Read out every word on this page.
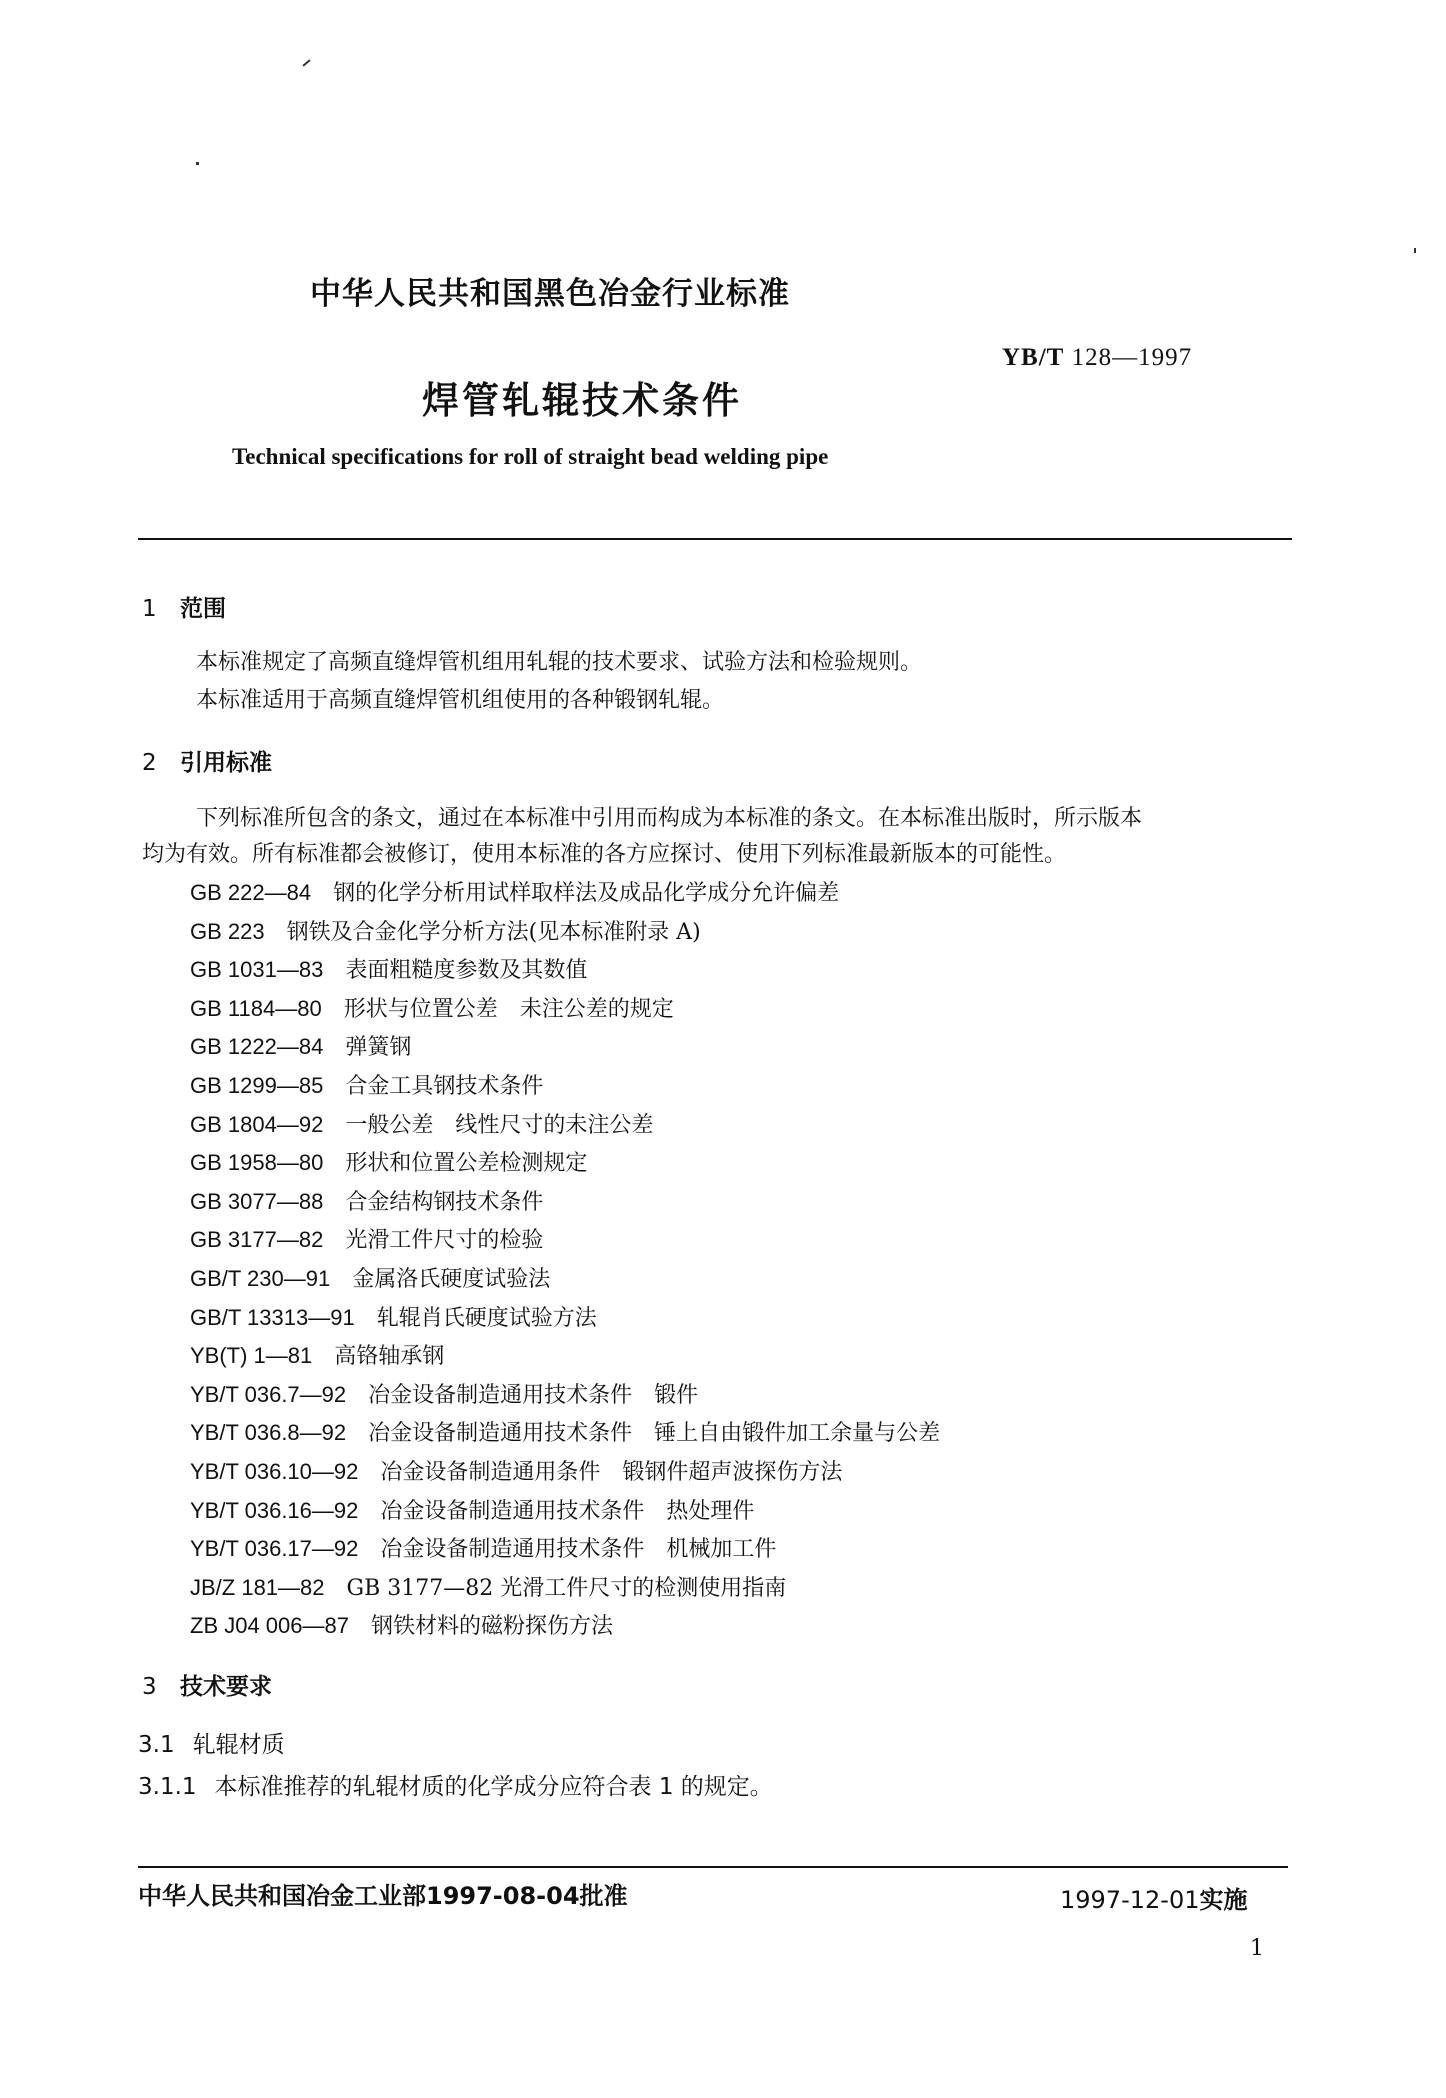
中华人民共和国黑色冶金行业标准
YB/T 128—1997
焊管轧辊技术条件
Technical specifications for roll of straight bead welding pipe
1 范围
本标准规定了高频直缝焊管机组用轧辊的技术要求、试验方法和检验规则。
本标准适用于高频直缝焊管机组使用的各种锻钢轧辊。
2 引用标准
下列标准所包含的条文，通过在本标准中引用而构成为本标准的条文。在本标准出版时，所示版本
均为有效。所有标准都会被修订，使用本标准的各方应探讨、使用下列标准最新版本的可能性。
GB 222—84 钢的化学分析用试样取样法及成品化学成分允许偏差
GB 223 钢铁及合金化学分析方法(见本标准附录 A)
GB 1031—83 表面粗糙度参数及其数值
GB 1184—80 形状与位置公差　未注公差的规定
GB 1222—84 弹簧钢
GB 1299—85 合金工具钢技术条件
GB 1804—92 一般公差　线性尺寸的未注公差
GB 1958—80 形状和位置公差检测规定
GB 3077—88 合金结构钢技术条件
GB 3177—82 光滑工件尺寸的检验
GB/T 230—91 金属洛氏硬度试验法
GB/T 13313—91 轧辊肖氏硬度试验方法
YB(T) 1—81 高铬轴承钢
YB/T 036.7—92 冶金设备制造通用技术条件　锻件
YB/T 036.8—92 冶金设备制造通用技术条件　锤上自由锻件加工余量与公差
YB/T 036.10—92 冶金设备制造通用条件　锻钢件超声波探伤方法
YB/T 036.16—92 冶金设备制造通用技术条件　热处理件
YB/T 036.17—92 冶金设备制造通用技术条件　机械加工件
JB/Z 181—82 GB 3177—82 光滑工件尺寸的检测使用指南
ZB J04 006—87 钢铁材料的磁粉探伤方法
3 技术要求
3.1 轧辊材质
3.1.1 本标准推荐的轧辊材质的化学成分应符合表 1 的规定。
中华人民共和国冶金工业部1997-08-04批准	1997-12-01实施
1
